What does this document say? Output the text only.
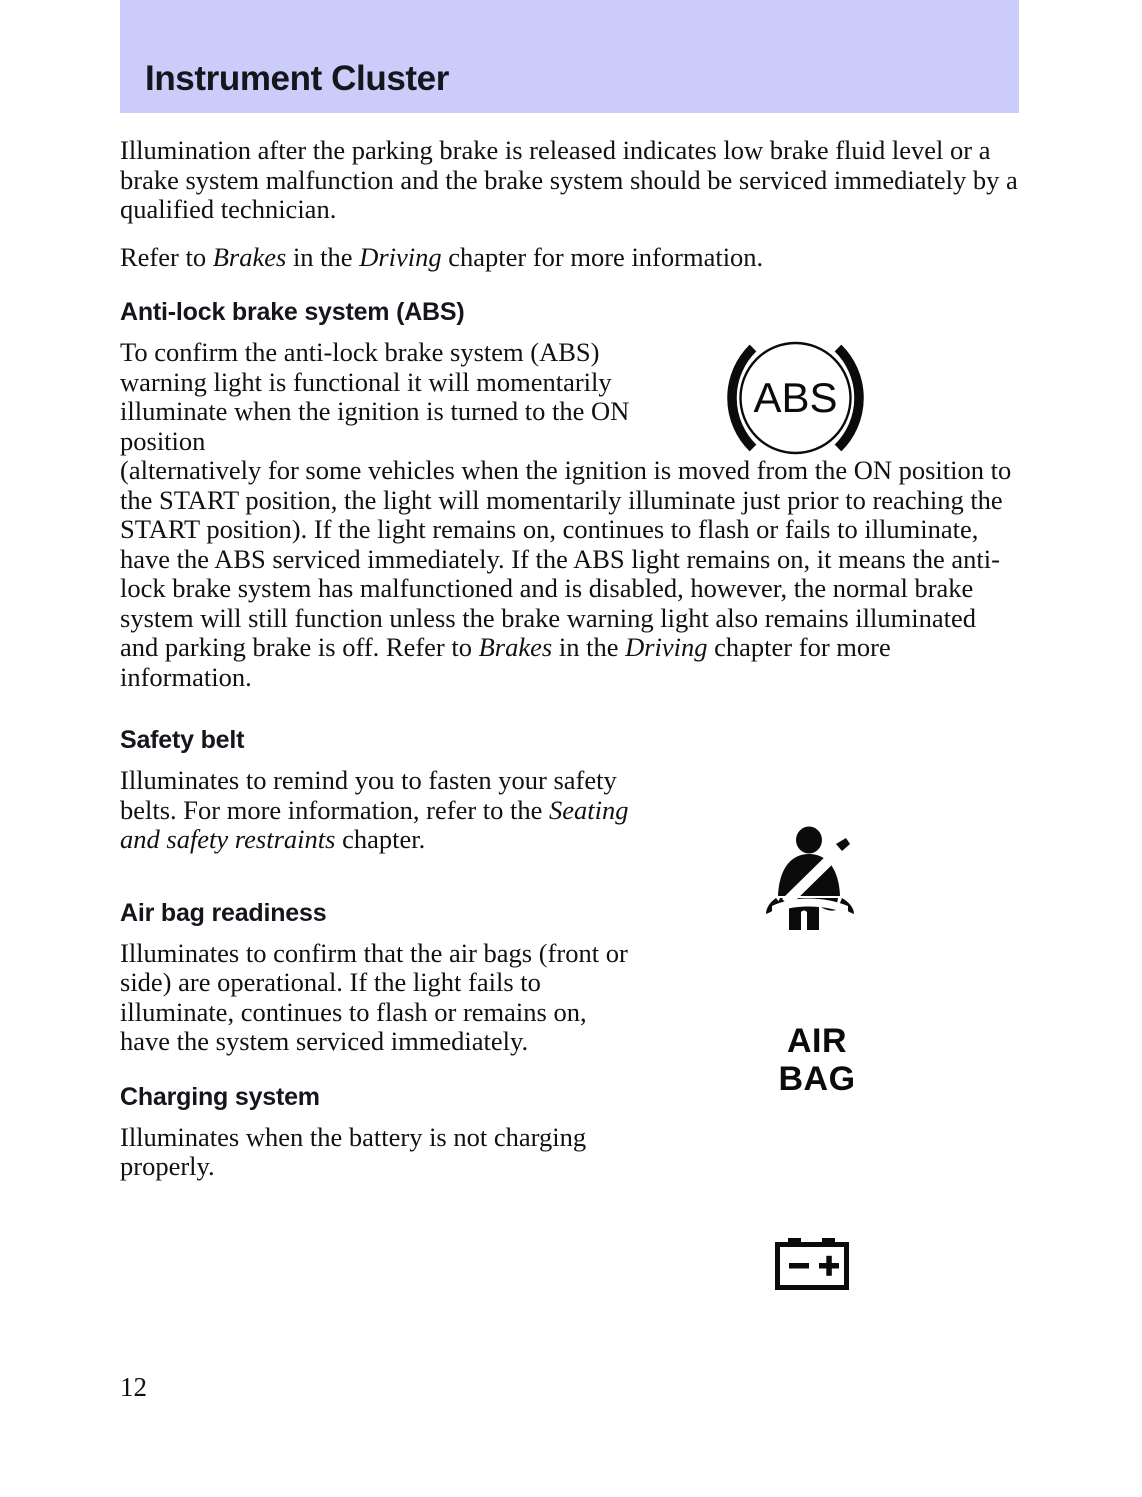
Instrument Cluster

Illumination after the parking brake is released indicates low brake fluid level or a brake system malfunction and the brake system should be serviced immediately by a qualified technician.

Refer to Brakes in the Driving chapter for more information.

Anti-lock brake system (ABS)

To confirm the anti-lock brake system (ABS) warning light is functional it will momentarily illuminate when the ignition is turned to the ON position

(alternatively for some vehicles when the ignition is moved from the ON position to the START position, the light will momentarily illuminate just prior to reaching the START position). If the light remains on, continues to flash or fails to illuminate, have the ABS serviced immediately. If the ABS light remains on, it means the anti-lock brake system has malfunctioned and is disabled, however, the normal brake system will still function unless the brake warning light also remains illuminated and parking brake is off. Refer to Brakes in the Driving chapter for more information.

Safety belt

Illuminates to remind you to fasten your safety belts. For more information, refer to the Seating and safety restraints chapter.

Air bag readiness

Illuminates to confirm that the air bags (front or side) are operational. If the light fails to illuminate, continues to flash or remains on, have the system serviced immediately.

Charging system

Illuminates when the battery is not charging properly.

ABS
AIR
BAG
12
